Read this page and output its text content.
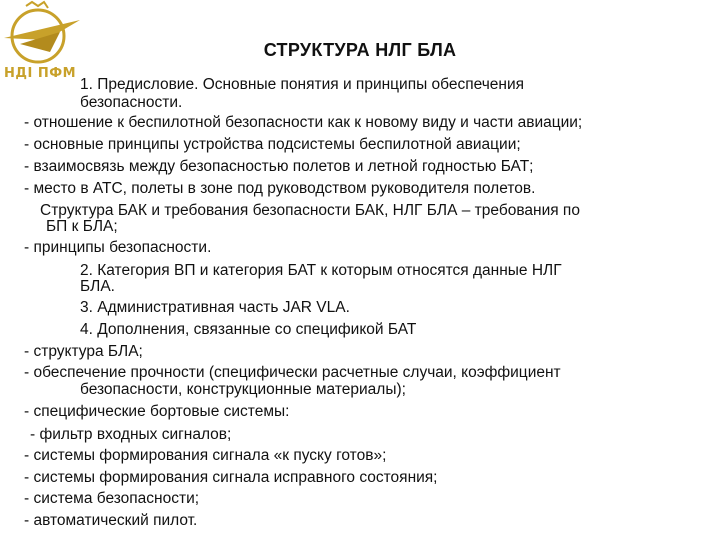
НДІ ПФМ
СТРУКТУРА НЛГ БЛА
1. Предисловие. Основные понятия и принципы обеспечения
безопасности.
- отношение к беспилотной безопасности как к новому виду и части авиации;
- основные принципы устройства подсистемы беспилотной авиации;
- взаимосвязь между безопасностью полетов и летной годностью БАТ;
- место в АТС, полеты в зоне под руководством руководителя полетов.
Структура БАК и требования безопасности БАК, НЛГ БЛА – требования по
БП к БЛА;
- принципы безопасности.
2. Категория ВП и категория БАТ к которым относятся данные НЛГ
БЛА.
3. Административная часть JAR VLA.
4. Дополнения, связанные со спецификой БАТ
- структура БЛА;
- обеспечение прочности (специфически расчетные случаи, коэффициент
безопасности, конструкционные материалы);
- специфические бортовые системы:
- фильтр входных сигналов;
- системы формирования сигнала «к пуску готов»;
- системы формирования сигнала исправного состояния;
- система безопасности;
- автоматический пилот.
